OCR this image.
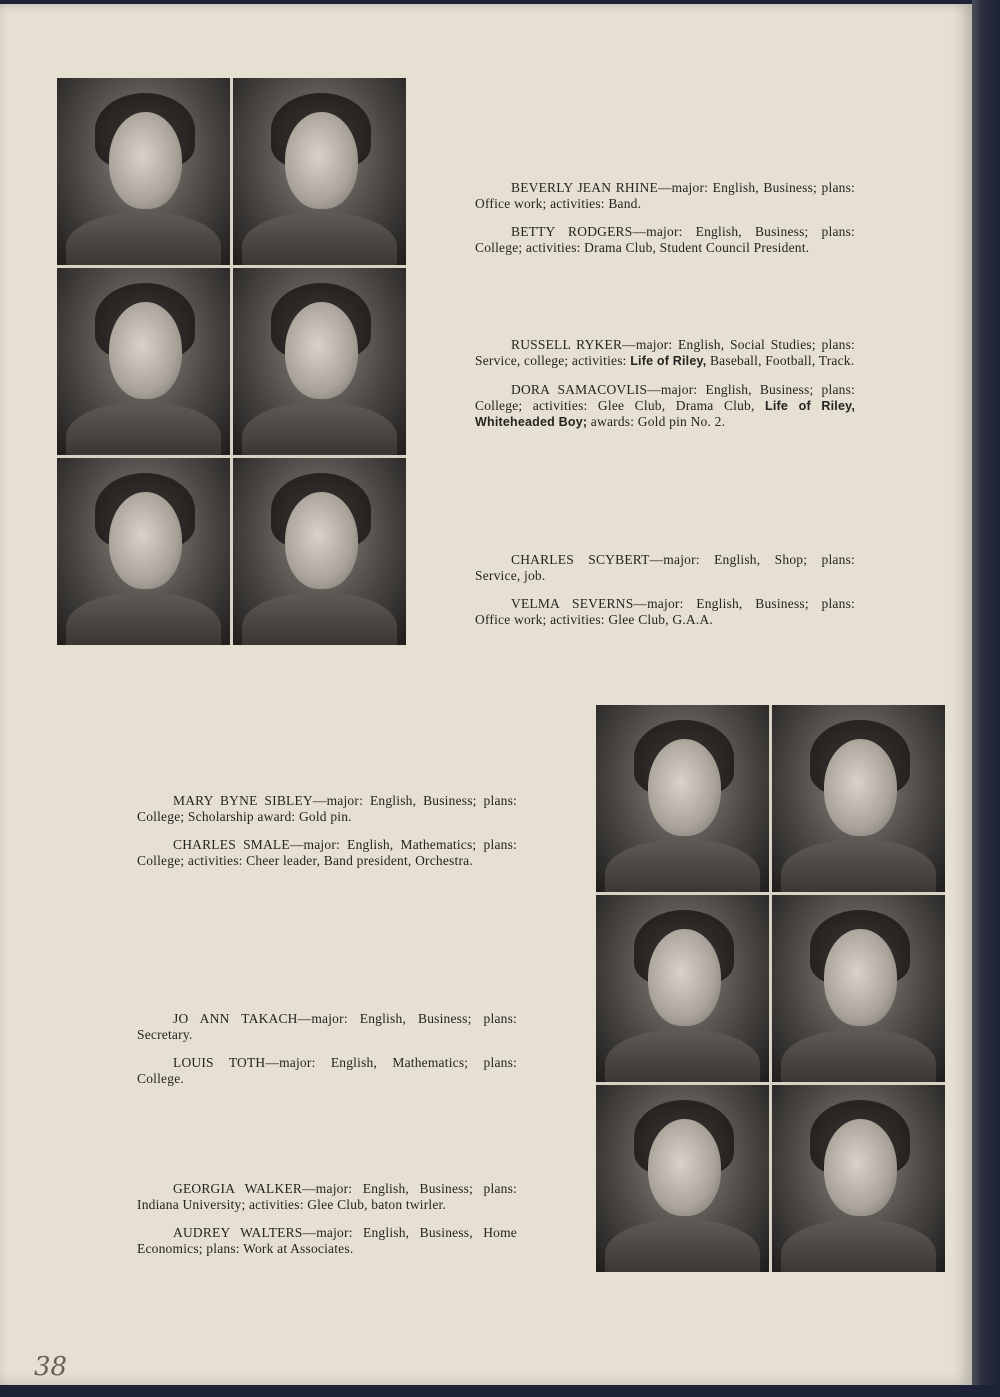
BEVERLY JEAN RHINE—major: English, Business; plans: Office work; activities: Band.

BETTY RODGERS—major: English, Business; plans: College; activities: Drama Club, Student Council President.

RUSSELL RYKER—major: English, Social Studies; plans: Service, college; activities: Life of Riley, Baseball, Football, Track.

DORA SAMACOVLIS—major: English, Business; plans: College; activities: Glee Club, Drama Club, Life of Riley, Whiteheaded Boy; awards: Gold pin No. 2.

CHARLES SCYBERT—major: English, Shop; plans: Service, job.

VELMA SEVERNS—major: English, Business; plans: Office work; activities: Glee Club, G.A.A.

MARY BYNE SIBLEY—major: English, Business; plans: College; Scholarship award: Gold pin.

CHARLES SMALE—major: English, Mathematics; plans: College; activities: Cheer leader, Band president, Orchestra.

JO ANN TAKACH—major: English, Business; plans: Secretary.

LOUIS TOTH—major: English, Mathematics; plans: College.

GEORGIA WALKER—major: English, Business; plans: Indiana University; activities: Glee Club, baton twirler.

AUDREY WALTERS—major: English, Business, Home Economics; plans: Work at Associates.

38
